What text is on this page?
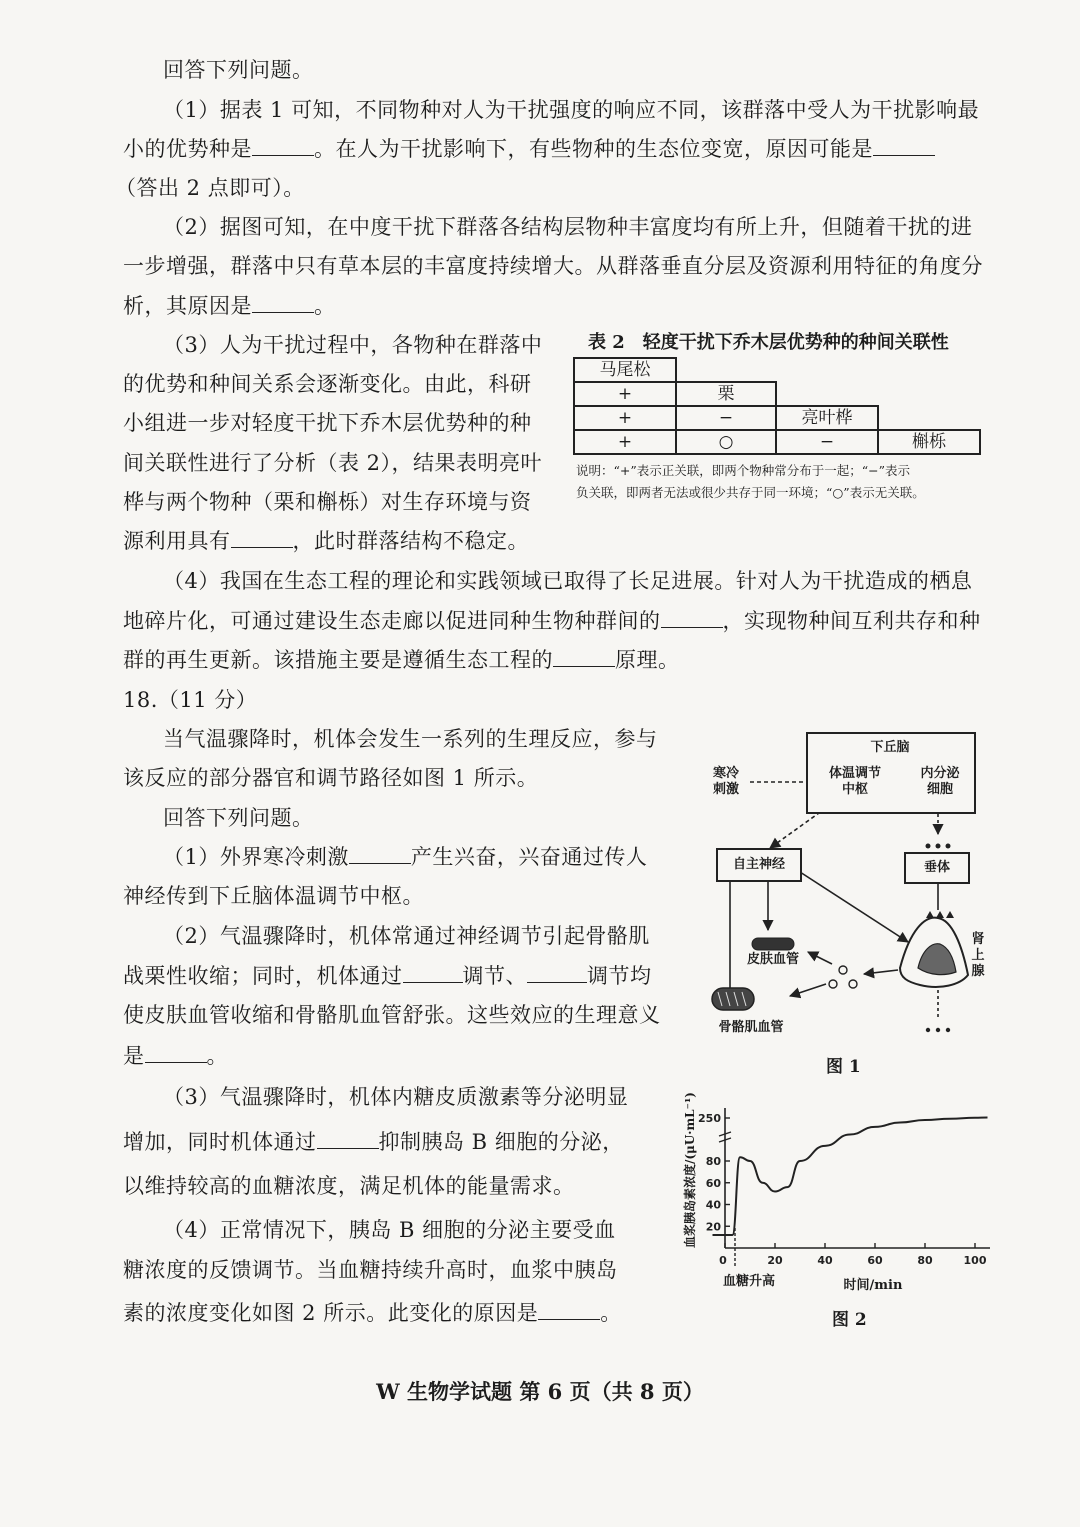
回答下列问题。
（1）据表 1 可知，不同物种对人为干扰强度的响应不同，该群落中受人为干扰影响最
小的优势种是	。在人为干扰影响下，有些物种的生态位变宽，原因可能是
（答出 2 点即可）。
（2）据图可知，在中度干扰下群落各结构层物种丰富度均有所上升，但随着干扰的进
一步增强，群落中只有草本层的丰富度持续增大。从群落垂直分层及资源利用特征的角度分
析，其原因是	。
（3）人为干扰过程中，各物种在群落中
的优势和种间关系会逐渐变化。由此，科研
小组进一步对轻度干扰下乔木层优势种的种
间关联性进行了分析（表 2），结果表明亮叶
桦与两个物种（栗和槲栎）对生存环境与资
源利用具有	，此时群落结构不稳定。
（4）我国在生态工程的理论和实践领域已取得了长足进展。针对人为干扰造成的栖息
地碎片化，可通过建设生态走廊以促进同种生物种群间的	，实现物种间互利共存和种
群的再生更新。该措施主要是遵循生态工程的	原理。
表 2　轻度干扰下乔木层优势种的种间关联性
马尾松
+	栗
+	−	亮叶桦
+	○	−	槲栎
说明：“+”表示正关联，即两个物种常分布于一起；“−”表示
负关联，即两者无法或很少共存于同一环境；“○”表示无关联。
18.（11 分）
当气温骤降时，机体会发生一系列的生理反应，参与
该反应的部分器官和调节路径如图 1 所示。
回答下列问题。
（1）外界寒冷刺激	产生兴奋，兴奋通过传人
神经传到下丘脑体温调节中枢。
（2）气温骤降时，机体常通过神经调节引起骨骼肌
战栗性收缩；同时，机体通过	调节、	调节均
使皮肤血管收缩和骨骼肌血管舒张。这些效应的生理意义
是	。
（3）气温骤降时，机体内糖皮质激素等分泌明显
增加，同时机体通过	抑制胰岛 B 细胞的分泌，
以维持较高的血糖浓度，满足机体的能量需求。
（4）正常情况下，胰岛 B 细胞的分泌主要受血
糖浓度的反馈调节。当血糖持续升高时，血浆中胰岛
素的浓度变化如图 2 所示。此变化的原因是	。
下丘脑
寒冷
刺激
体温调节
中枢
内分泌
细胞
自主神经	垂体
皮肤血管
骨骼肌血管
肾
上
腺
图 1
20
40
60
80
250
0	20	40	60	80	100
血浆胰岛素浓度/(μU·mL⁻¹)
血糖升高	时间/min
图 2
W 生物学试题 第 6 页（共 8 页）
